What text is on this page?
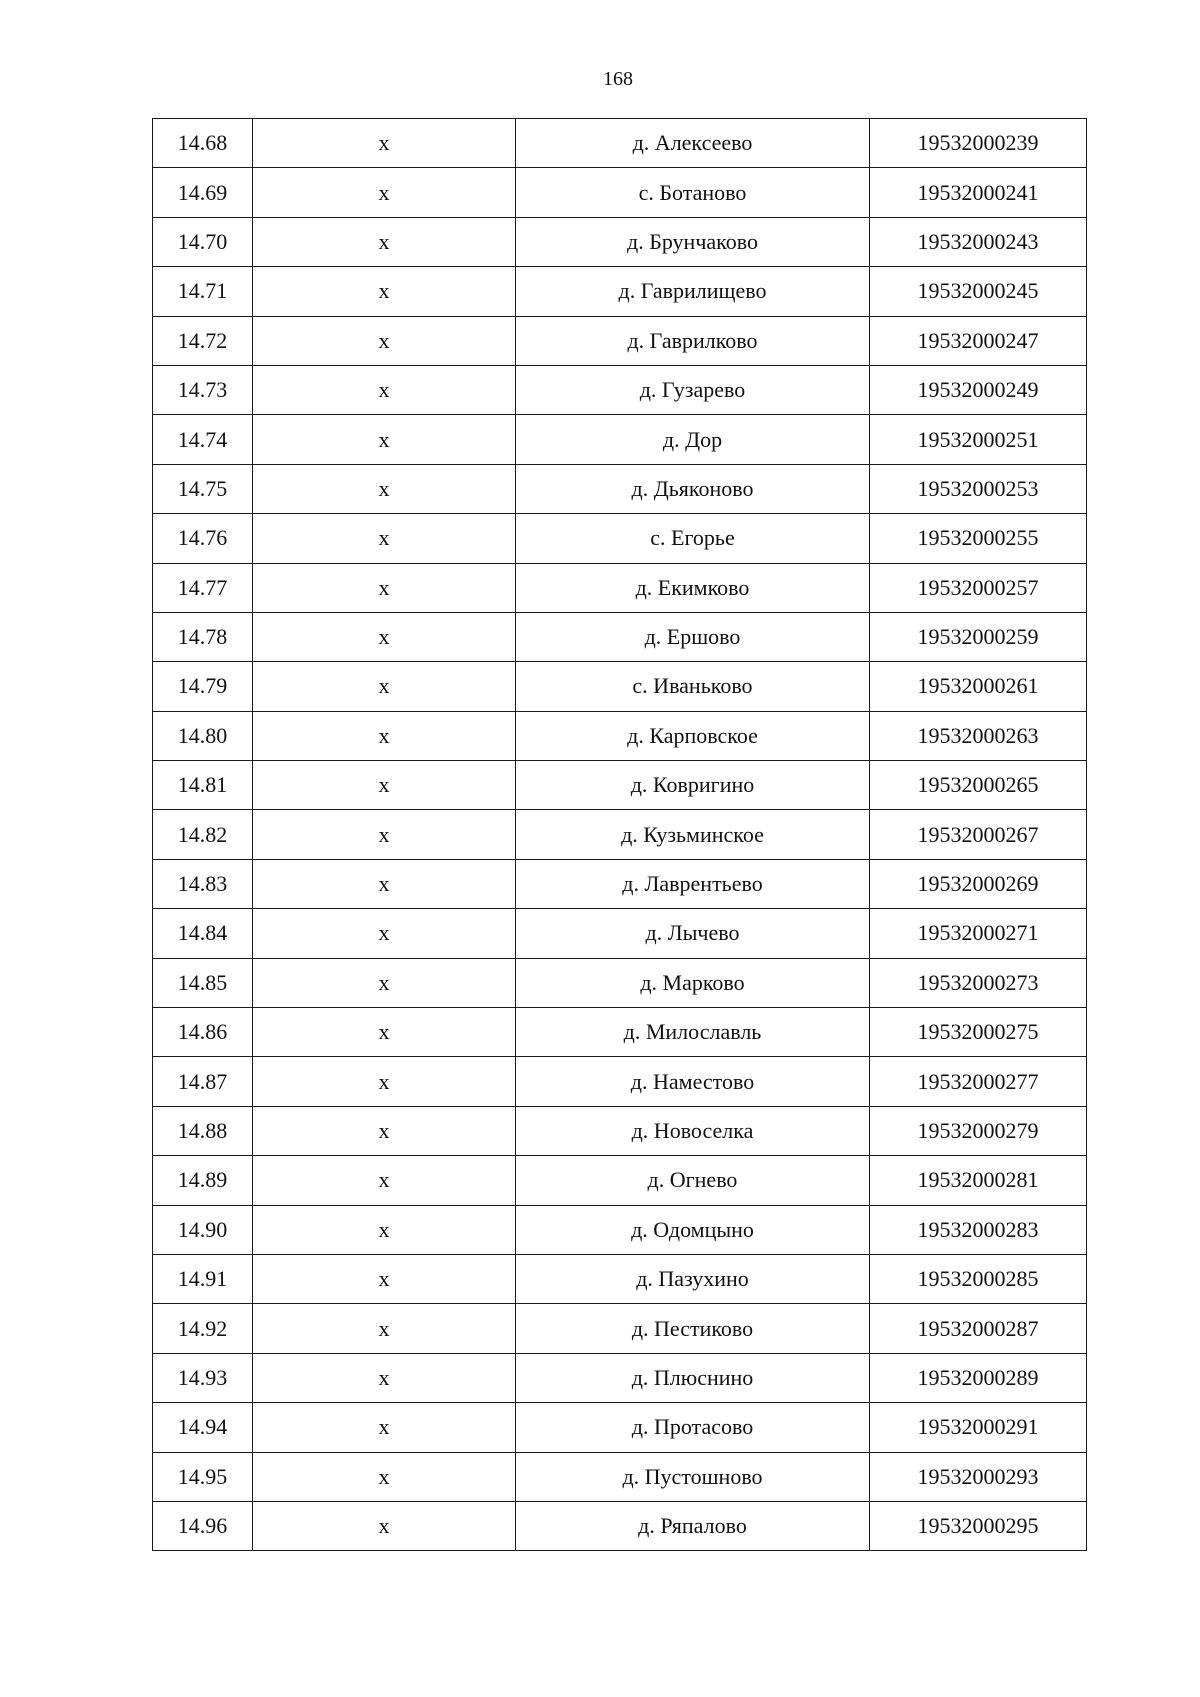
168
14.68	х	д. Алексеево	19532000239
14.69	х	с. Ботаново	19532000241
14.70	х	д. Брунчаково	19532000243
14.71	х	д. Гаврилищево	19532000245
14.72	х	д. Гаврилково	19532000247
14.73	х	д. Гузарево	19532000249
14.74	х	д. Дор	19532000251
14.75	х	д. Дьяконово	19532000253
14.76	х	с. Егорье	19532000255
14.77	х	д. Екимково	19532000257
14.78	х	д. Ершово	19532000259
14.79	х	с. Иваньково	19532000261
14.80	х	д. Карповское	19532000263
14.81	х	д. Ковригино	19532000265
14.82	х	д. Кузьминское	19532000267
14.83	х	д. Лаврентьево	19532000269
14.84	х	д. Лычево	19532000271
14.85	х	д. Марково	19532000273
14.86	х	д. Милославль	19532000275
14.87	х	д. Наместово	19532000277
14.88	х	д. Новоселка	19532000279
14.89	х	д. Огнево	19532000281
14.90	х	д. Одомцыно	19532000283
14.91	х	д. Пазухино	19532000285
14.92	х	д. Пестиково	19532000287
14.93	х	д. Плюснино	19532000289
14.94	х	д. Протасово	19532000291
14.95	х	д. Пустошново	19532000293
14.96	х	д. Ряпалово	19532000295
